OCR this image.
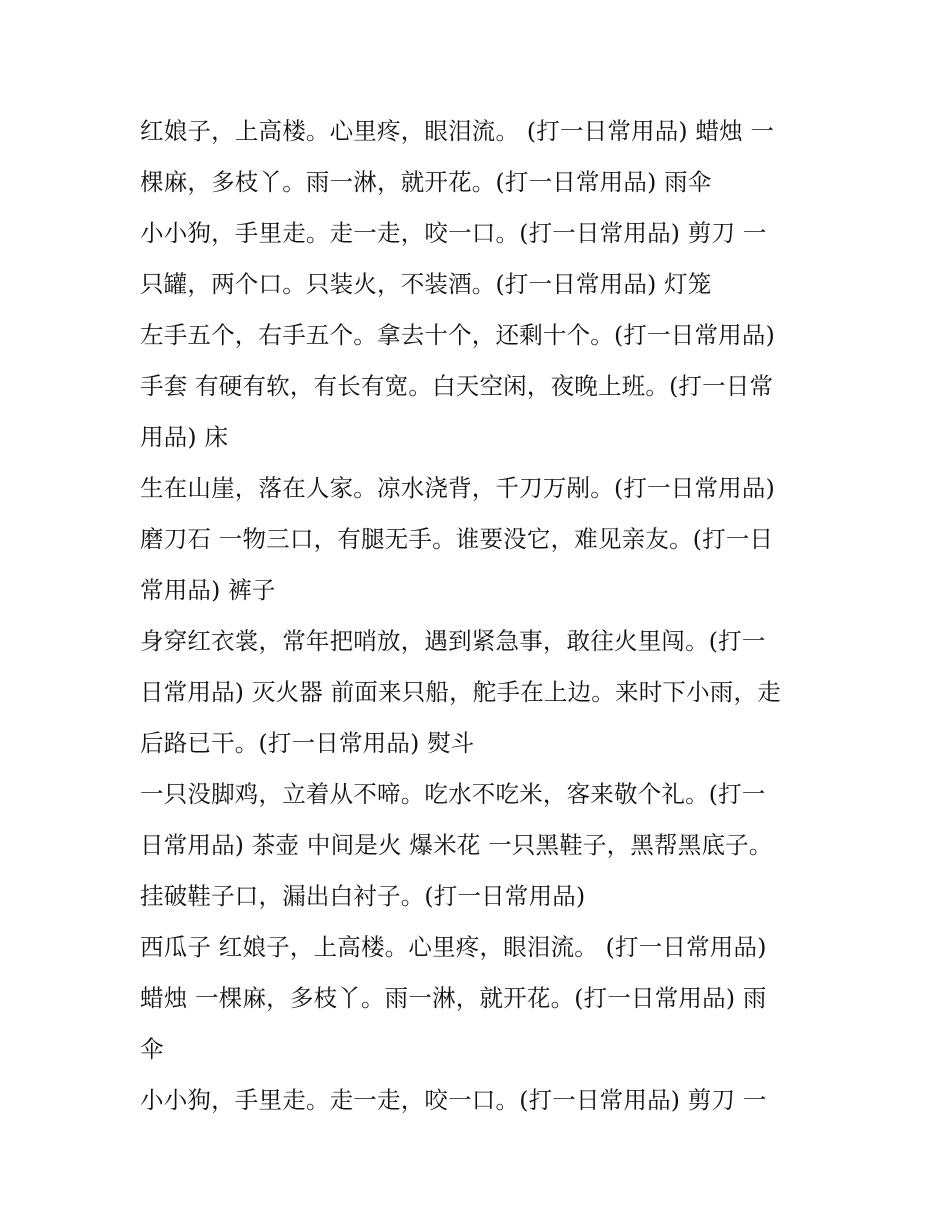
红娘子，上高楼。心里疼，眼泪流。 (打一日常用品) 蜡烛 一
棵麻，多枝丫。雨一淋，就开花。(打一日常用品) 雨伞
小小狗，手里走。走一走，咬一口。(打一日常用品) 剪刀 一
只罐，两个口。只装火，不装酒。(打一日常用品) 灯笼
左手五个，右手五个。拿去十个，还剩十个。(打一日常用品)
手套 有硬有软，有长有宽。白天空闲，夜晚上班。(打一日常
用品) 床
生在山崖，落在人家。凉水浇背，千刀万剐。(打一日常用品)
磨刀石 一物三口，有腿无手。谁要没它，难见亲友。(打一日
常用品) 裤子
身穿红衣裳，常年把哨放，遇到紧急事，敢往火里闯。(打一
日常用品) 灭火器 前面来只船，舵手在上边。来时下小雨，走
后路已干。(打一日常用品) 熨斗
一只没脚鸡，立着从不啼。吃水不吃米，客来敬个礼。(打一
日常用品) 茶壶 中间是火 爆米花 一只黑鞋子，黑帮黑底子。
挂破鞋子口，漏出白衬子。(打一日常用品)
西瓜子 红娘子，上高楼。心里疼，眼泪流。 (打一日常用品)
蜡烛 一棵麻，多枝丫。雨一淋，就开花。(打一日常用品) 雨
伞
小小狗，手里走。走一走，咬一口。(打一日常用品) 剪刀 一
